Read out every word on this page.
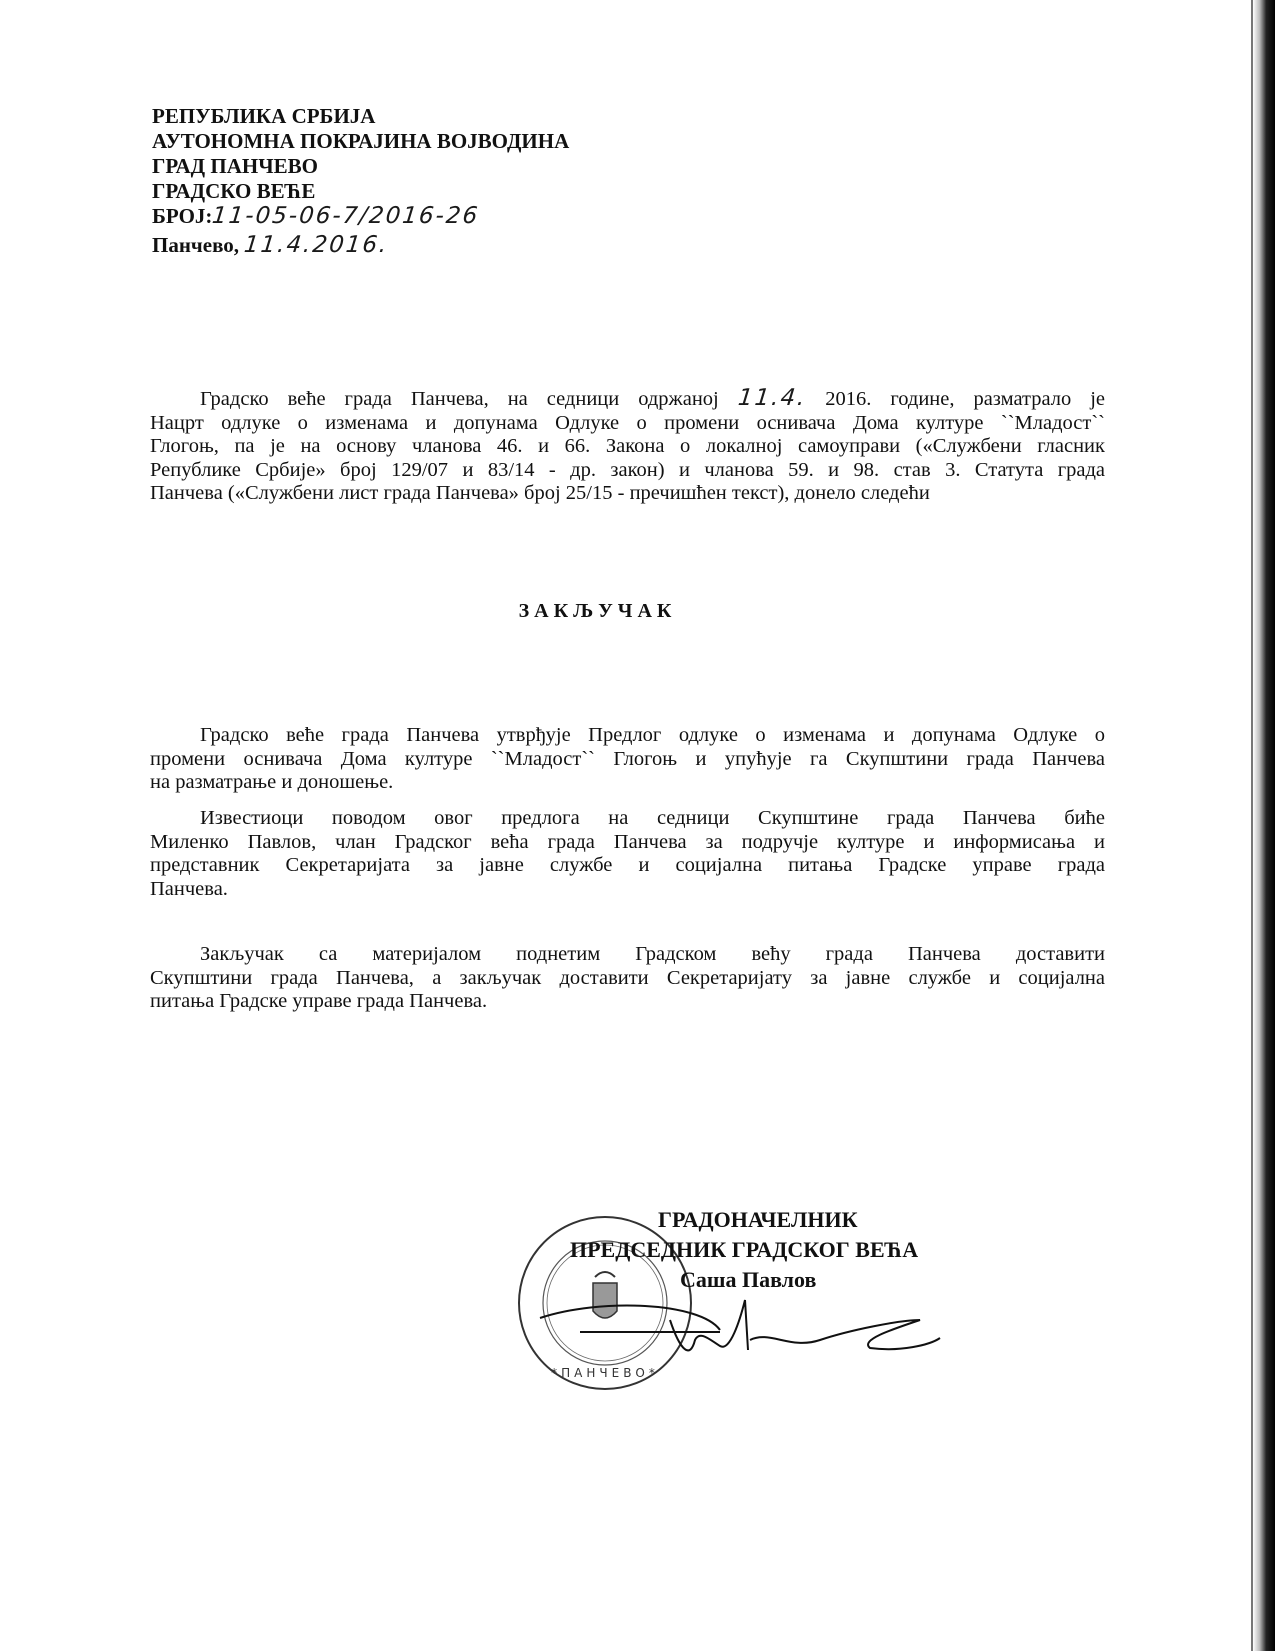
РЕПУБЛИКА СРБИЈА
АУТОНОМНА ПОКРАЈИНА ВОЈВОДИНА
ГРАД ПАНЧЕВО
ГРАДСКО ВЕЋЕ
БРОЈ:11-05-06-7/2016-26
Панчево, 11.4.2016.
Градско веће града Панчева, на седници одржаној 11.4. 2016. године, разматрало је
Нацрт одлуке о изменама и допунама Одлуке о промени оснивача Дома културе ``Младост``
Глогоњ, па је на основу чланова 46. и 66. Закона о локалној самоуправи («Службени гласник
Републике Србије» број 129/07 и 83/14 - др. закон) и чланова 59. и 98. став 3. Статута града
Панчева («Службени лист града Панчева» број 25/15 - пречишћен текст), донело следећи
ЗАКЉУЧАК
Градско веће града Панчева утврђује Предлог одлуке о изменама и допунама Одлуке о
промени оснивача Дома културе ``Младост`` Глогоњ и упућује га Скупштини града Панчева
на разматрање и доношење.
Известиоци поводом овог предлога на седници Скупштине града Панчева биће
Миленко Павлов, члан Градског већа града Панчева за подручје културе и информисања и
представник Секретаријата за јавне службе и социјална питања Градске управе града
Панчева.
Закључак са материјалом поднетим Градском већу града Панчева доставити
Скупштини града Панчева, а закључак доставити Секретаријату за јавне службе и социјална
питања Градске управе града Панчева.
*ПАНЧЕВО*
ГРАДОНАЧЕЛНИК
ПРЕДСЕДНИК ГРАДСКОГ ВЕЋА
Саша Павлов
